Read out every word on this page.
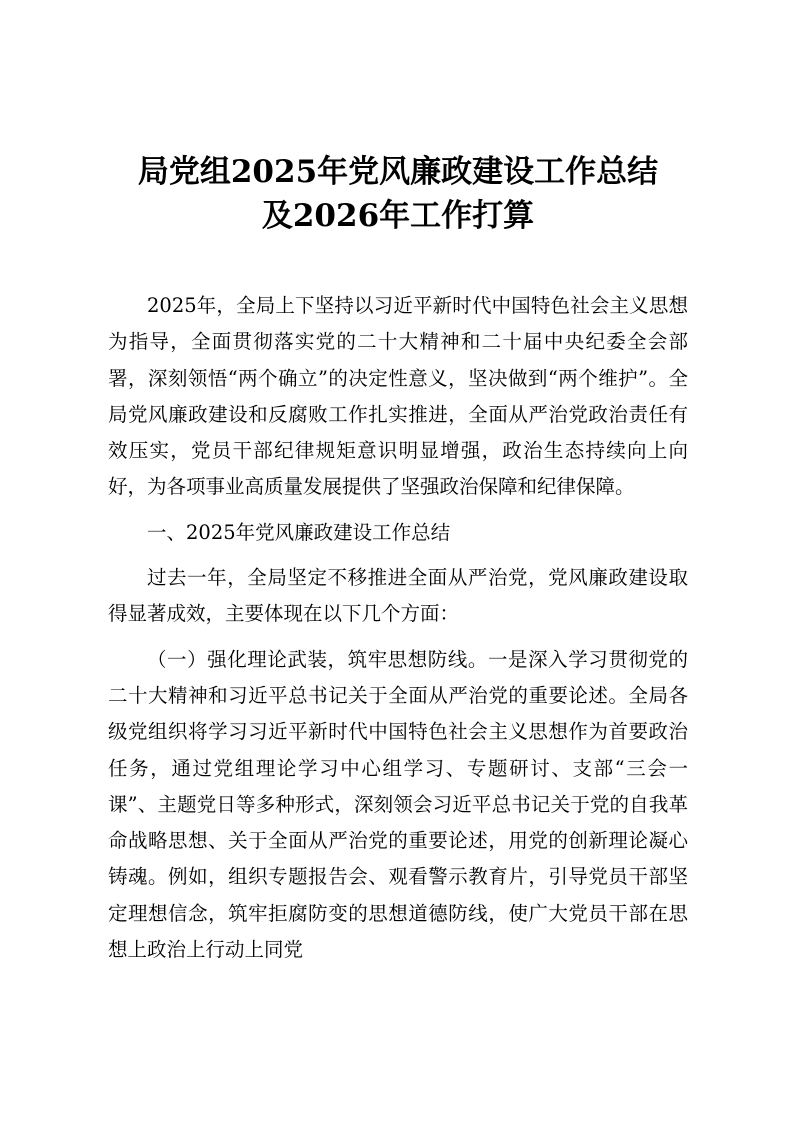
局党组2025年党风廉政建设工作总结
及2026年工作打算

2025年，全局上下坚持以习近平新时代中国特色社会主义思想为指导，全面贯彻落实党的二十大精神和二十届中央纪委全会部署，深刻领悟“两个确立”的决定性意义，坚决做到“两个维护”。全局党风廉政建设和反腐败工作扎实推进，全面从严治党政治责任有效压实，党员干部纪律规矩意识明显增强，政治生态持续向上向好，为各项事业高质量发展提供了坚强政治保障和纪律保障。

一、2025年党风廉政建设工作总结

过去一年，全局坚定不移推进全面从严治党，党风廉政建设取得显著成效，主要体现在以下几个方面：

（一）强化理论武装，筑牢思想防线。一是深入学习贯彻党的二十大精神和习近平总书记关于全面从严治党的重要论述。全局各级党组织将学习习近平新时代中国特色社会主义思想作为首要政治任务，通过党组理论学习中心组学习、专题研讨、支部“三会一课”、主题党日等多种形式，深刻领会习近平总书记关于党的自我革命战略思想、关于全面从严治党的重要论述，用党的创新理论凝心铸魂。例如，组织专题报告会、观看警示教育片，引导党员干部坚定理想信念，筑牢拒腐防变的思想道德防线，使广大党员干部在思想上政治上行动上同党
